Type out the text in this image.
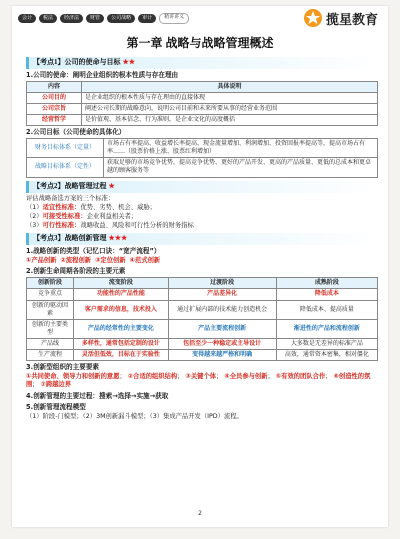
会计	税法	经济法	财管	公司战略	审计	精讲讲义	揽星教育
第一章 战略与战略管理概述
【考点1】公司的使命与目标 ★★
1.公司的使命：阐明企业组织的根本性质与存在理由
内容	具体说明
公司目的	是企业组织的根本性质与存在理由的直接体现
公司宗旨	阐述公司长期的战略意向，说明公司目前和未来所要从事的经营业务范围
经营哲学	是价值观、基本信念、行为准则，是企业文化的高度概括
2.公司目标（公司使命的具体化）
财务目标体系（定量）	市场占有率提高、收益增长率提高、现金流量增加、利润增加、投资回报率提高等，提高市场占有率……（股票价格上涨、股票红利增加）
战略目标体系（定性）	获取足够的市场竞争优势，提高竞争优势、更好的产品开发、更高的产品质量、更低的总成本和更卓越的顾客服务等
【考点2】战略管理过程 ★
评估战略备选方案的三个标准：
（1）适宜性标准：优势、劣势、机会、威胁；
（2）可接受性标准：企业利益相关者；
（3）可行性标准：战略收益、风险和可行性分析的财务指标
【考点3】战略创新管理 ★★★
1.战略创新的类型（记忆口诀：“宽产流程”）
①产品创新 ②流程创新 ③定位创新 ④范式创新
2.创新生命周期各阶段的主要元素
创新阶段	流变阶段	过渡阶段	成熟阶段
竞争重点	功能性的产品性能	产品差异化	降低成本
创新的驱动因素	客户需求的信息，技术投入	通过扩展内部的技术能力创造机会	降低成本、提高质量
创新的主要类型	产品的经常性的主要变化	产品主要流程创新	渐进性的产品和流程创新
产品线	多样性，通常包括定制的设计	包括至少一种稳定或主导设计	大多数是无差异的标准产品
生产流程	灵活但低效，目标在于实验性	变得越来越严格和明确	高效，通常资本密集，相对僵化
3.创新型组织的主要要素
①共同使命、领导力和创新的意愿； ②合适的组织结构； ③关键个体； ④全员参与创新； ⑤有效的团队合作； ⑥创造性的氛围； ⑦跨越边界
4.创新管理的主要过程：搜索→选择→实施→获取
5.创新管理流程模型
（1）阶段-门模型；（2）3M创新漏斗模型；（3）集成产品开发（IPD）流程。
2
